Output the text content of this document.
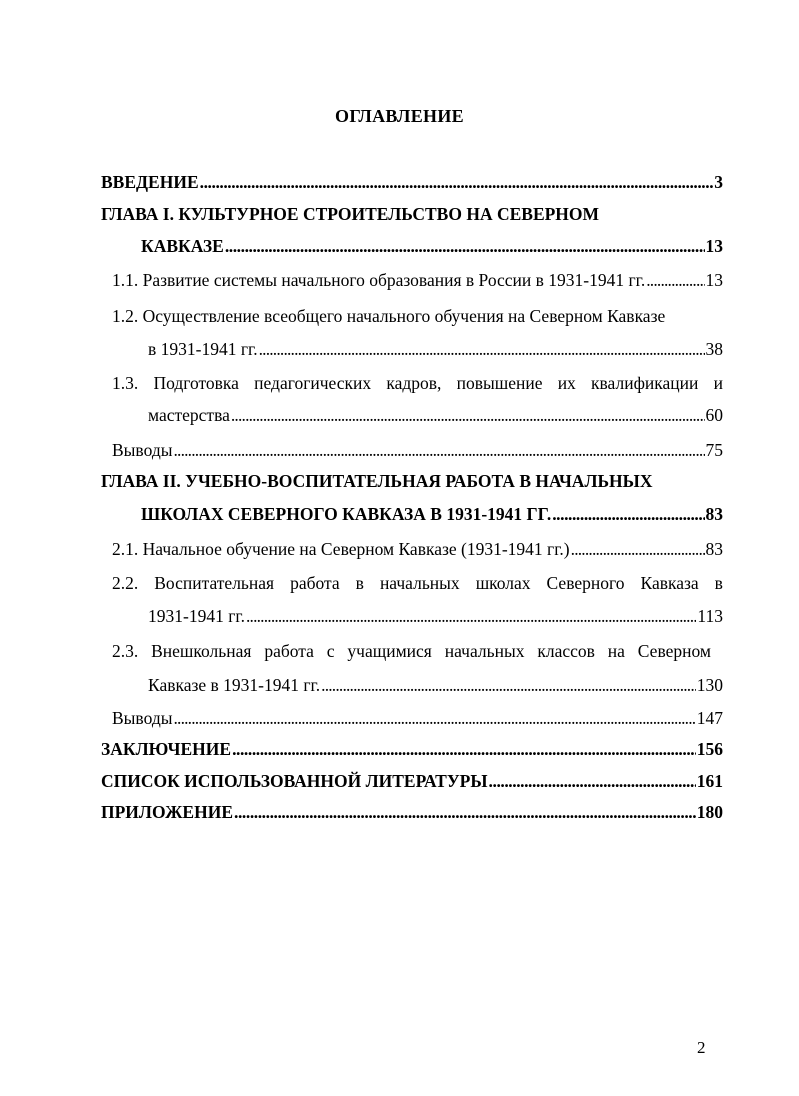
ОГЛАВЛЕНИЕ
ВВЕДЕНИЕ . . .	3
ГЛАВА I. КУЛЬТУРНОЕ СТРОИТЕЛЬСТВО НА СЕВЕРНОМ
КАВКАЗЕ . . .	13
1.1. Развитие системы начального образования в России в 1931-1941 гг. . . .	13
1.2. Осуществление всеобщего начального обучения на Северном Кавказе
в 1931-1941 гг. . . .	38
1.3. Подготовка педагогических кадров, повышение их квалификации и
мастерства . . .	60
Выводы . . .	75
ГЛАВА II. УЧЕБНО-ВОСПИТАТЕЛЬНАЯ РАБОТА В НАЧАЛЬНЫХ
ШКОЛАХ СЕВЕРНОГО КАВКАЗА В 1931-1941 ГГ. . . .	83
2.1. Начальное обучение на Северном Кавказе (1931-1941 гг.) . . .	83
2.2. Воспитательная работа в начальных школах Северного Кавказа в
1931-1941 гг. . . .	113
2.3. Внешкольная работа с учащимися начальных классов на Северном
Кавказе в 1931-1941 гг. . . .	130
Выводы . . .	147
ЗАКЛЮЧЕНИЕ . . .	156
СПИСОК ИСПОЛЬЗОВАННОЙ ЛИТЕРАТУРЫ . . .	161
ПРИЛОЖЕНИЕ . . .	180
2
